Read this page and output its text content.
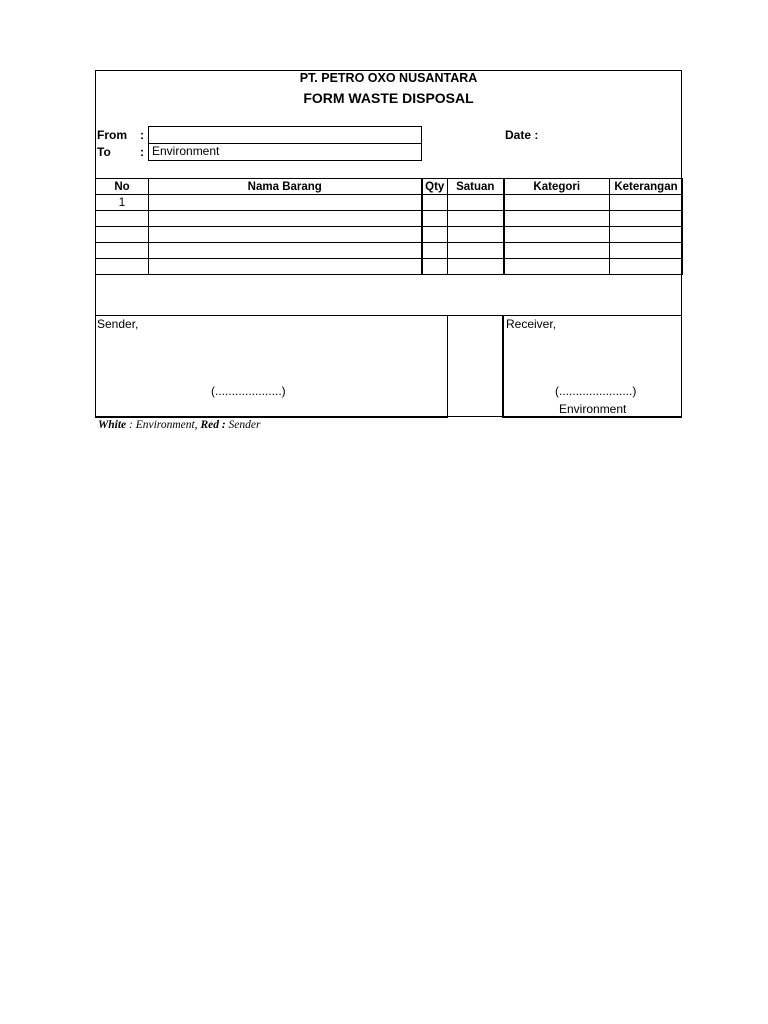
PT. PETRO OXO NUSANTARA
FORM WASTE DISPOSAL
From :
To : Environment
Date :
No	Nama Barang	Qty	Satuan	Kategori	Keterangan
1					

Sender,
(....................)
Receiver,
(......................)
Environment
White : Environment, Red : Sender
